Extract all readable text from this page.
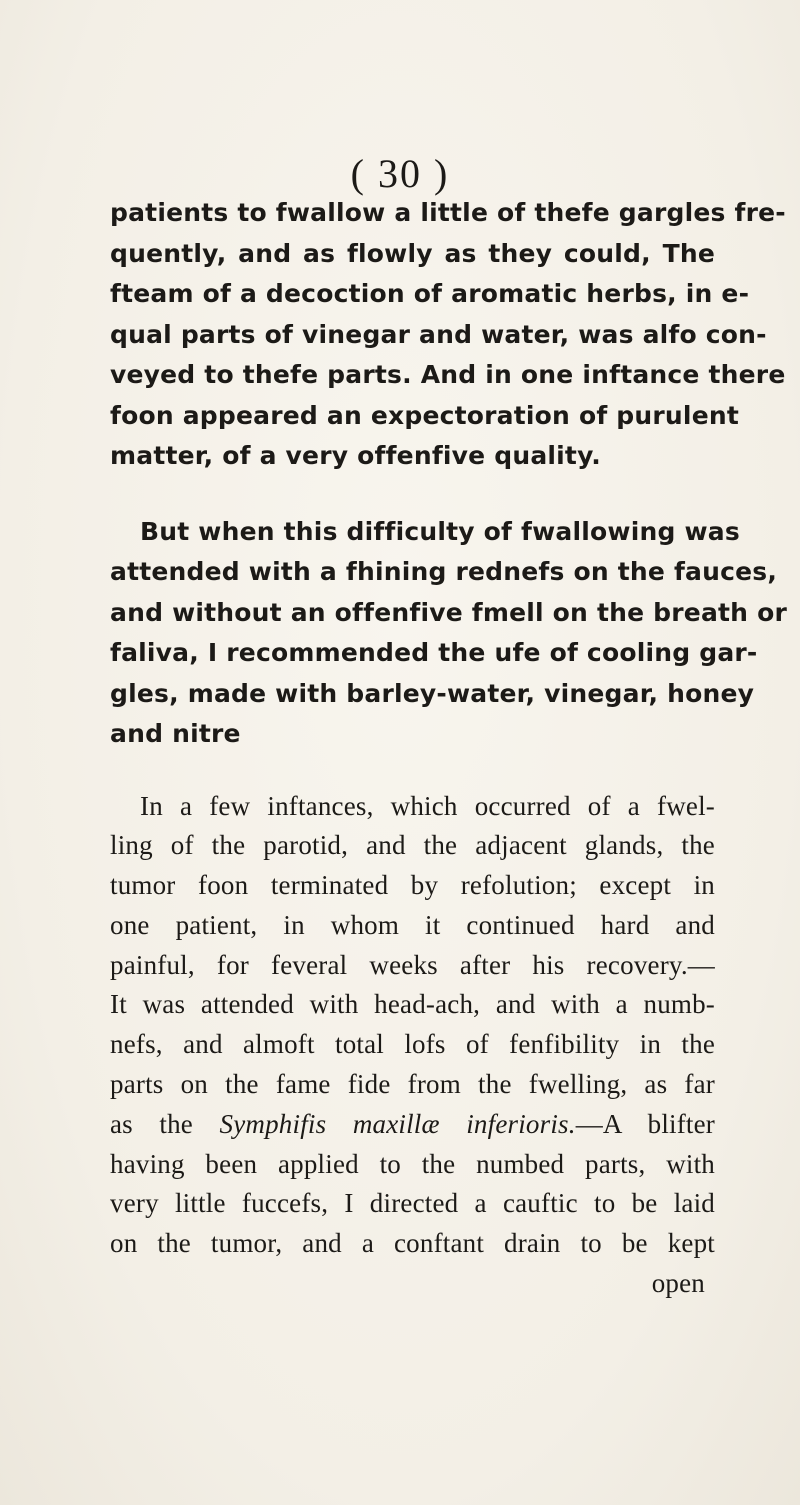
( 30 )

patients to fwallow a little of thefe gargles fre-
quently, and as flowly as they could, The
fteam of a decoction of aromatic herbs, in e-
qual parts of vinegar and water, was alfo con-
veyed to thefe parts. And in one inftance there
foon appeared an expectoration of purulent
matter, of a very offenfive quality.

But when this difficulty of fwallowing was
attended with a fhining rednefs on the fauces,
and without an offenfive fmell on the breath or
faliva, I recommended the ufe of cooling gar-
gles, made with barley-water, vinegar, honey
and nitre

In a few inftances, which occurred of a fwel-
ling of the parotid, and the adjacent glands, the
tumor foon terminated by refolution; except in
one patient, in whom it continued hard and
painful, for feveral weeks after his recovery.—
It was attended with head-ach, and with a numb-
nefs, and almoft total lofs of fenfibility in the
parts on the fame fide from the fwelling, as far
as the Symphifis maxillæ inferioris.—A blifter
having been applied to the numbed parts, with
very little fuccefs, I directed a cauftic to be laid
on the tumor, and a conftant drain to be kept
open
